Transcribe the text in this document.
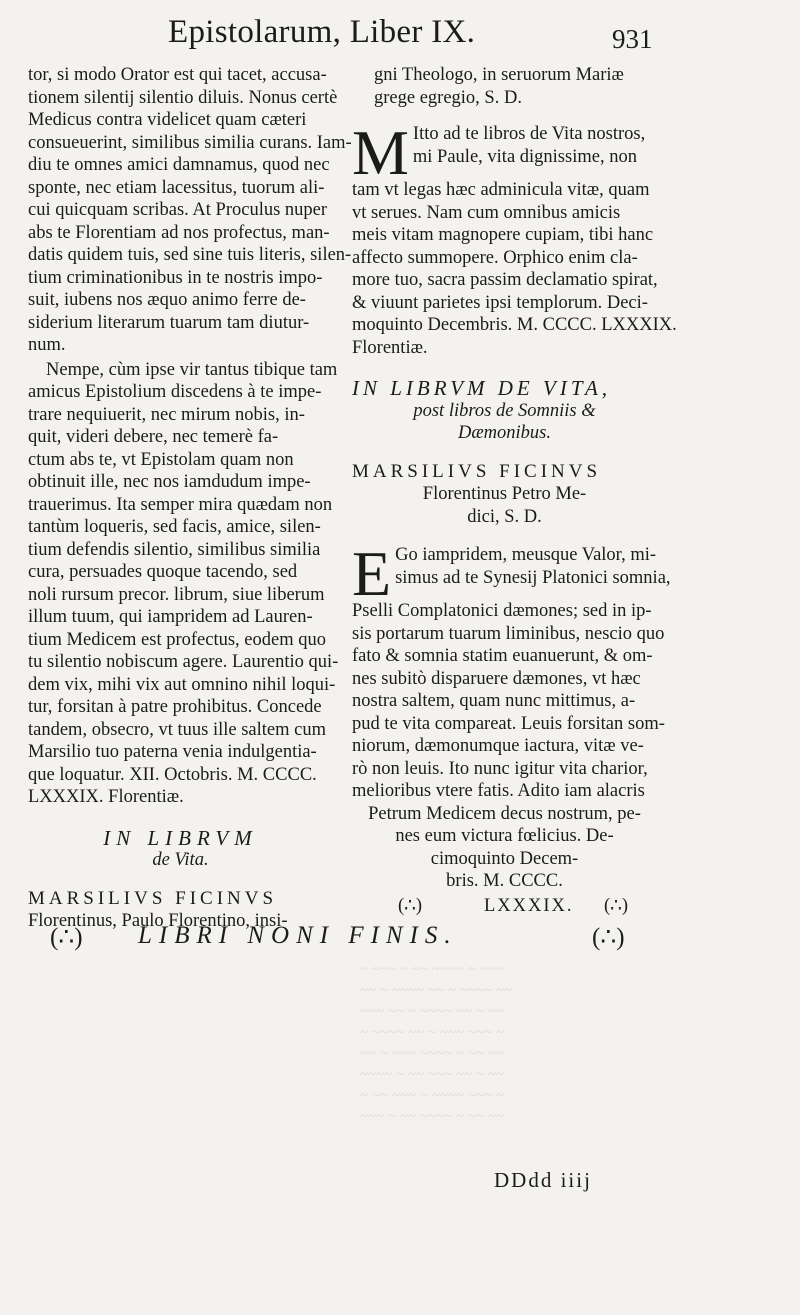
~ ~~~ ~ ~~ ~~~~ ~ ~~~
~~ ~ ~~~~ ~~ ~ ~~~~ ~~
~~~ ~~ ~ ~~~~ ~~ ~ ~~
~ ~~~~ ~~ ~ ~~~ ~~~ ~
~~ ~ ~~~ ~~~~ ~ ~~ ~~
~~~~ ~ ~~ ~~~ ~~ ~ ~~
~ ~~ ~~~ ~ ~~~~ ~~~ ~
~~~ ~ ~~ ~~~~ ~ ~~ ~~
Epistolarum, Liber IX.	931
tor, si modo Orator est qui tacet, accusa-
tionem silentij silentio diluis. Nonus certè
Medicus contra videlicet quam cæteri
consueuerint, similibus similia curans. Iam-
diu te omnes amici damnamus, quod nec
sponte, nec etiam lacessitus, tuorum ali-
cui quicquam scribas. At Proculus nuper
abs te Florentiam ad nos profectus, man-
datis quidem tuis, sed sine tuis literis, silen-
tium criminationibus in te nostris impo-
suit, iubens nos æquo animo ferre de-
siderium literarum tuarum tam diutur-
num.
Nempe, cùm ipse vir tantus tibique tam
amicus Epistolium discedens à te impe-
trare nequiuerit, nec mirum nobis, in-
quit, videri debere, nec temerè fa-
ctum abs te, vt Epistolam quam non
obtinuit ille, nec nos iamdudum impe-
trauerimus. Ita semper mira quædam non
tantùm loqueris, sed facis, amice, silen-
tium defendis silentio, similibus similia
cura, persuades quoque tacendo, sed
noli rursum precor. librum, siue liberum
illum tuum, qui iampridem ad Lauren-
tium Medicem est profectus, eodem quo
tu silentio nobiscum agere. Laurentio qui-
dem vix, mihi vix aut omnino nihil loqui-
tur, forsitan à patre prohibitus. Concede
tandem, obsecro, vt tuus ille saltem cum
Marsilio tuo paterna venia indulgentia-
que loquatur. XII. Octobris. M. CCCC.
LXXXIX. Florentiæ.
IN LIBRVM
de Vita.
MARSILIVS FICINVS
Florentinus, Paulo Florentino, insi-
gni Theologo, in seruorum Mariæ
grege egregio, S. D.
M Itto ad te libros de Vita nostros,
mi Paule, vita dignissime, non
tam vt legas hæc adminicula vitæ, quam
vt serues. Nam cum omnibus amicis
meis vitam magnopere cupiam, tibi hanc
affecto summopere. Orphico enim cla-
more tuo, sacra passim declamatio spirat,
& viuunt parietes ipsi templorum. Deci-
moquinto Decembris. M. CCCC. LXXXIX.
Florentiæ.
IN LIBRVM DE VITA,
post libros de Somniis &
Dæmonibus.
MARSILIVS FICINVS
Florentinus Petro Me-
dici, S. D.
E Go iampridem, meusque Valor, mi-
simus ad te Synesij Platonici somnia,
Pselli Complatonici dæmones; sed in ip-
sis portarum tuarum liminibus, nescio quo
fato & somnia statim euanuerunt, & om-
nes subitò disparuere dæmones, vt hæc
nostra saltem, quam nunc mittimus, a-
pud te vita compareat. Leuis forsitan som-
niorum, dæmonumque iactura, vitæ ve-
rò non leuis. Ito nunc igitur vita charior,
melioribus vtere fatis. Adito iam alacris
Petrum Medicem decus nostrum, pe-
nes eum victura fœlicius. De-
cimoquinto Decem-
bris. M. CCCC.
(∴)	LXXXIX. (∴)
(∴) LIBRI NONI FINIS.	(∴)
DDdd iiij
